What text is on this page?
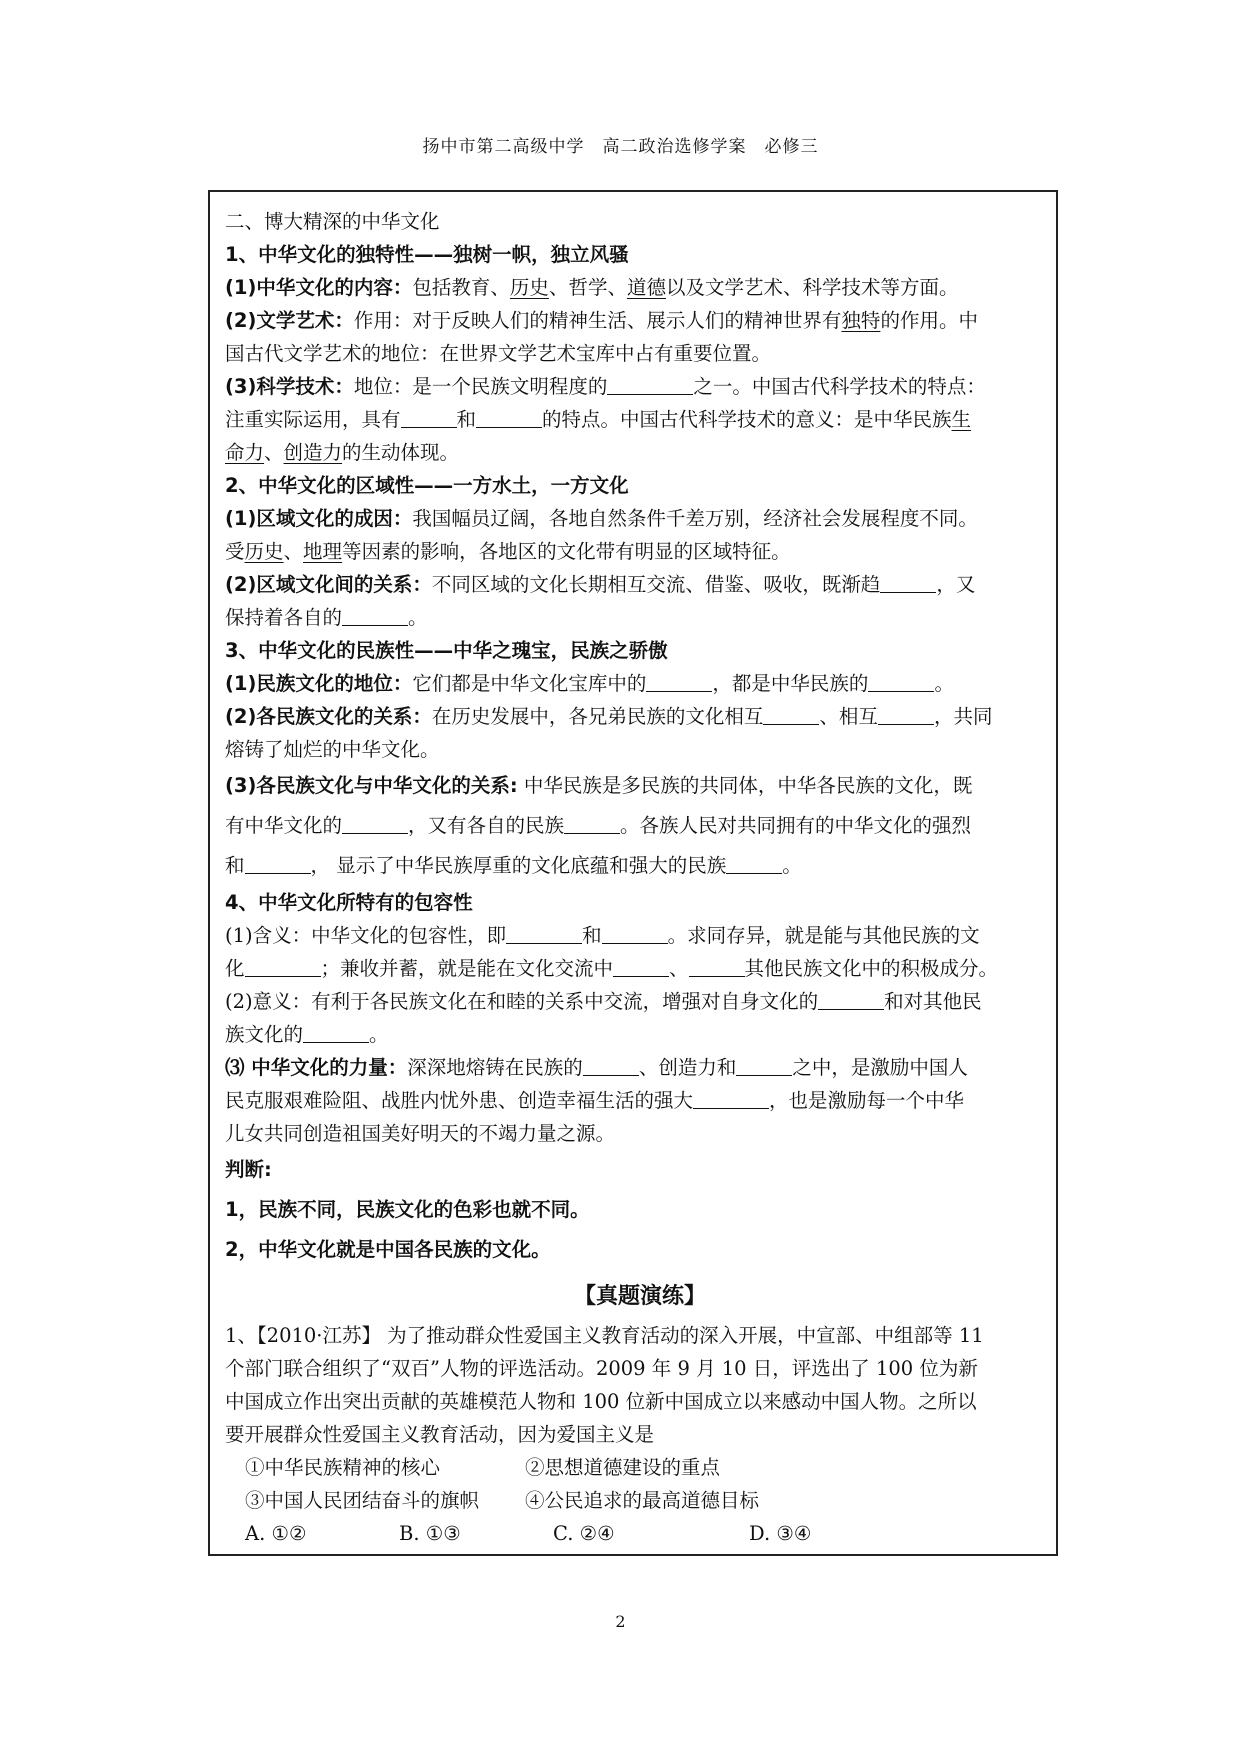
扬中市第二高级中学　高二政治选修学案　必修三
二、博大精深的中华文化
1、中华文化的独特性——独树一帜，独立风骚
(1)中华文化的内容：包括教育、历史、哲学、道德以及文学艺术、科学技术等方面。
(2)文学艺术：作用：对于反映人们的精神生活、展示人们的精神世界有独特的作用。中
国古代文学艺术的地位：在世界文学艺术宝库中占有重要位置。
(3)科学技术：地位：是一个民族文明程度的	之一。中国古代科学技术的特点：
注重实际运用，具有	和	的特点。中国古代科学技术的意义：是中华民族生
命力、创造力的生动体现。
2、中华文化的区域性——一方水土，一方文化
(1)区域文化的成因：我国幅员辽阔，各地自然条件千差万别，经济社会发展程度不同。
受历史、地理等因素的影响，各地区的文化带有明显的区域特征。
(2)区域文化间的关系：不同区域的文化长期相互交流、借鉴、吸收，既渐趋	，又
保持着各自的	。
3、中华文化的民族性——中华之瑰宝，民族之骄傲
(1)民族文化的地位：它们都是中华文化宝库中的	，都是中华民族的	。
(2)各民族文化的关系：在历史发展中，各兄弟民族的文化相互	、相互	，共同
熔铸了灿烂的中华文化。
(3)各民族文化与中华文化的关系: 中华民族是多民族的共同体，中华各民族的文化，既
有中华文化的	，又有各自的民族	。各族人民对共同拥有的中华文化的强烈
和	， 显示了中华民族厚重的文化底蕴和强大的民族	。
4、中华文化所特有的包容性
(1)含义：中华文化的包容性，即	和	。求同存异，就是能与其他民族的文
化	；兼收并蓄，就是能在文化交流中	、	其他民族文化中的积极成分。
(2)意义：有利于各民族文化在和睦的关系中交流，增强对自身文化的	和对其他民
族文化的	。
⑶ 中华文化的力量：深深地熔铸在民族的	、创造力和	之中，是激励中国人
民克服艰难险阻、战胜内忧外患、创造幸福生活的强大	，也是激励每一个中华
儿女共同创造祖国美好明天的不竭力量之源。
判断:
1，民族不同，民族文化的色彩也就不同。
2，中华文化就是中国各民族的文化。
【真题演练】
1、【2010·江苏】 为了推动群众性爱国主义教育活动的深入开展，中宣部、中组部等 11
个部门联合组织了“双百”人物的评选活动。2009 年 9 月 10 日，评选出了 100 位为新
中国成立作出突出贡献的英雄模范人物和 100 位新中国成立以来感动中国人物。之所以
要开展群众性爱国主义教育活动，因为爱国主义是
①中华民族精神的核心	②思想道德建设的重点
③中国人民团结奋斗的旗帜 ④公民追求的最高道德目标
A. ①②	B. ①③	C. ②④	D. ③④
2
